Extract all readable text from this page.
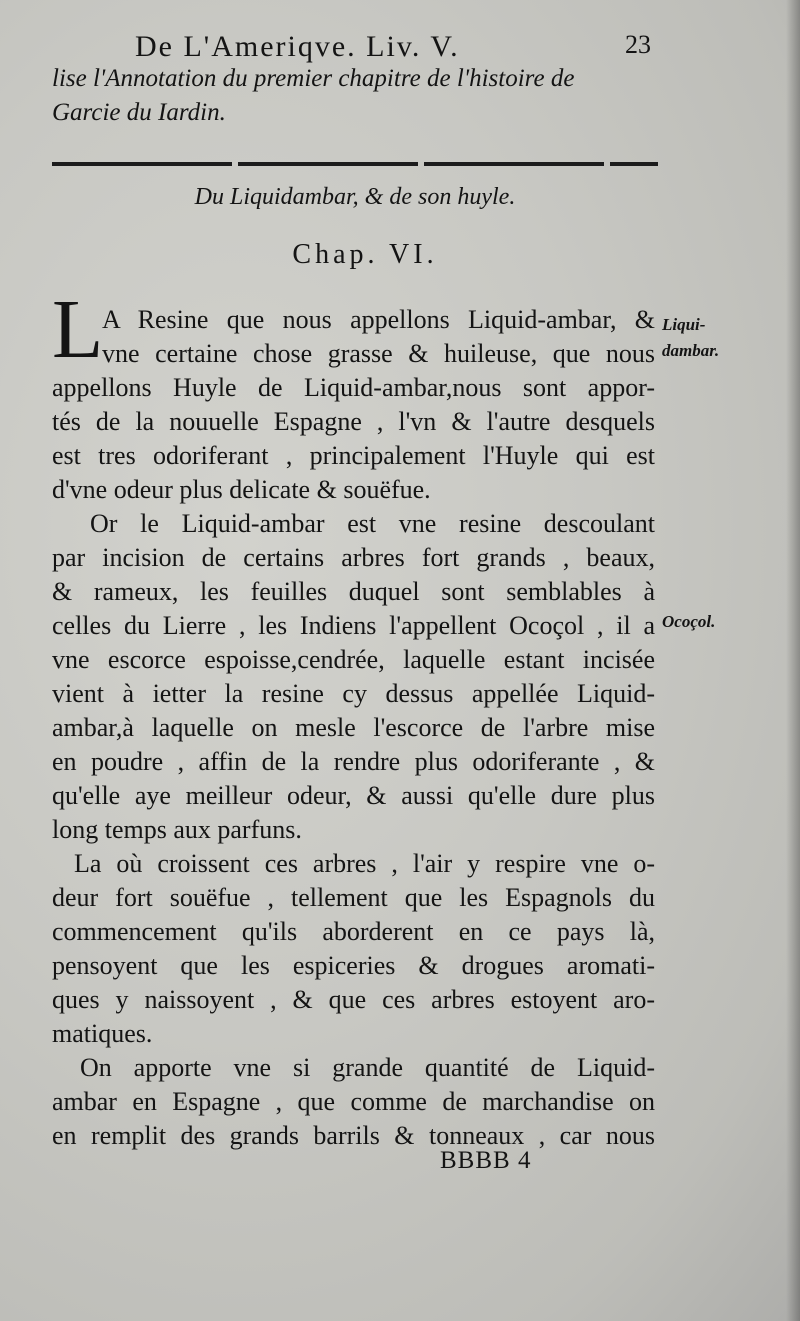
De L'Ameriqve. Liv. V.	23
lise l'Annotation du premier chapitre de l'histoire de
Garcie du Iardin.
Du Liquidambar, & de son huyle.
Chap. VI.
L
A Resine que nous appellons Liquid-ambar, &
vne certaine chose grasse & huileuse, que nous
appellons Huyle de Liquid-ambar,nous sont appor-
tés de la nouuelle Espagne , l'vn & l'autre desquels
est tres odoriferant , principalement l'Huyle qui est
d'vne odeur plus delicate & souëfue.
Or le Liquid-ambar est vne resine descoulant
par incision de certains arbres fort grands , beaux,
& rameux, les feuilles duquel sont semblables à
celles du Lierre , les Indiens l'appellent Ocoçol , il a
vne escorce espoisse,cendrée, laquelle estant incisée
vient à ietter la resine cy dessus appellée Liquid-
ambar,à laquelle on mesle l'escorce de l'arbre mise
en poudre , affin de la rendre plus odoriferante , &
qu'elle aye meilleur odeur, & aussi qu'elle dure plus
long temps aux parfuns.
La où croissent ces arbres , l'air y respire vne o-
deur fort souëfue , tellement que les Espagnols du
commencement qu'ils aborderent en ce pays là,
pensoyent que les espiceries & drogues aromati-
ques y naissoyent , & que ces arbres estoyent aro-
matiques.
On apporte vne si grande quantité de Liquid-
ambar en Espagne , que comme de marchandise on
en remplit des grands barrils & tonneaux , car nous
Liqui-
dambar.
Ocoçol.
BBBB 4
